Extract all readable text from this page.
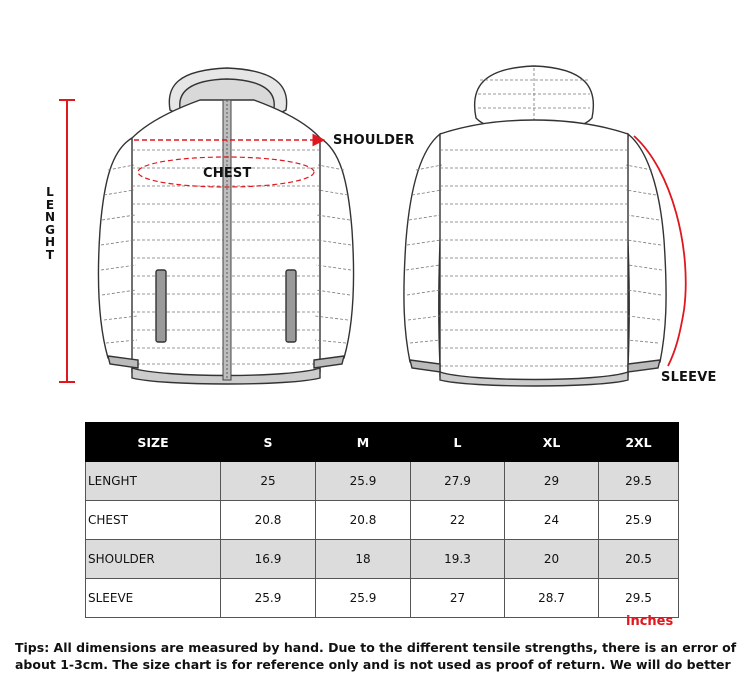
SHOULDER
CHEST
LENGHT
SLEEVE
SIZE	S	M	L	XL	2XL
LENGHT	25	25.9	27.9	29	29.5
CHEST	20.8	20.8	22	24	25.9
SHOULDER	16.9	18	19.3	20	20.5
SLEEVE	25.9	25.9	27	28.7	29.5
inches
Tips: All dimensions are measured by hand. Due to the different tensile strengths, there is an error of about 1-3cm. The size chart is for reference only and is not used as proof of return. We will do better
